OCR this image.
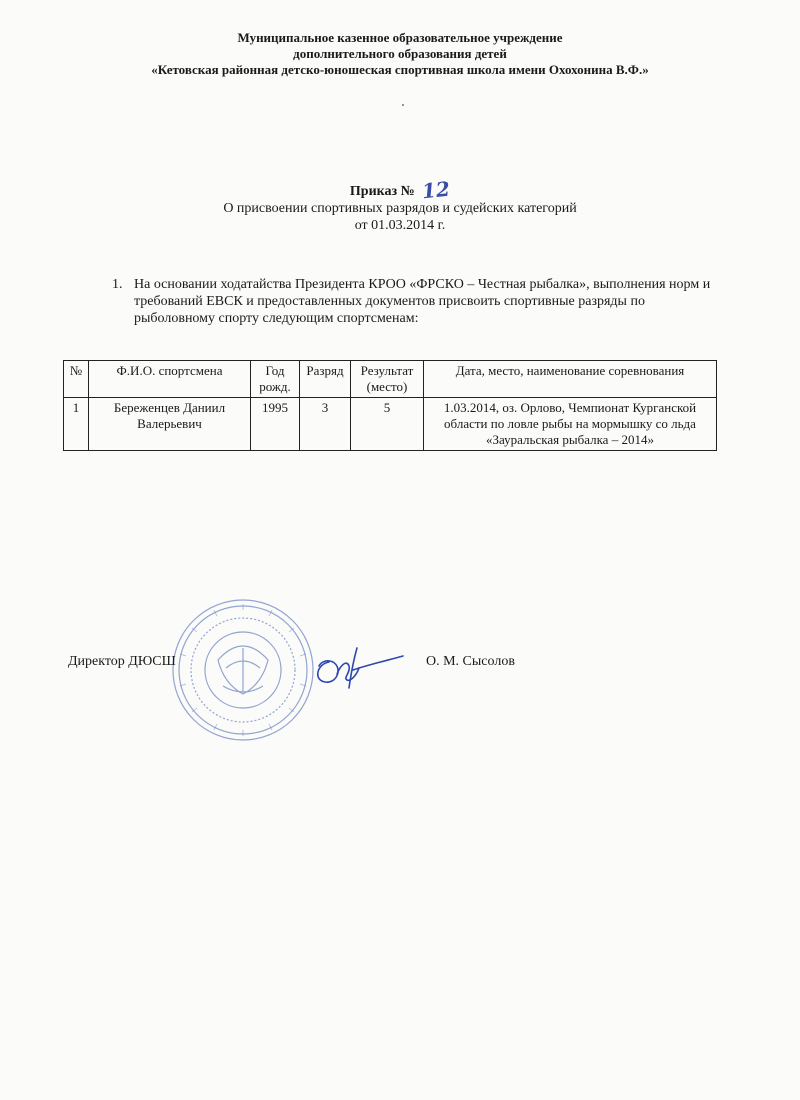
Муниципальное казенное образовательное учреждение
дополнительного образования детей
«Кетовская районная детско-юношеская спортивная школа имени Охохонина В.Ф.»
Приказ № 12
О присвоении спортивных разрядов и судейских категорий
от 01.03.2014 г.
1. На основании ходатайства Президента КРОО «ФРСКО – Честная рыбалка», выполнения норм и требований ЕВСК и предоставленных документов присвоить спортивные разряды по рыболовному спорту следующим спортсменам:
№	Ф.И.О. спортсмена	Год рожд.	Разряд	Результат (место)	Дата, место, наименование соревнования
1	Береженцев Даниил Валерьевич	1995	3	5	1.03.2014, оз. Орлово, Чемпионат Курганской области по ловле рыбы на мормышку со льда «Зауральская рыбалка – 2014»
Директор ДЮСШ	О. М. Сысолов
